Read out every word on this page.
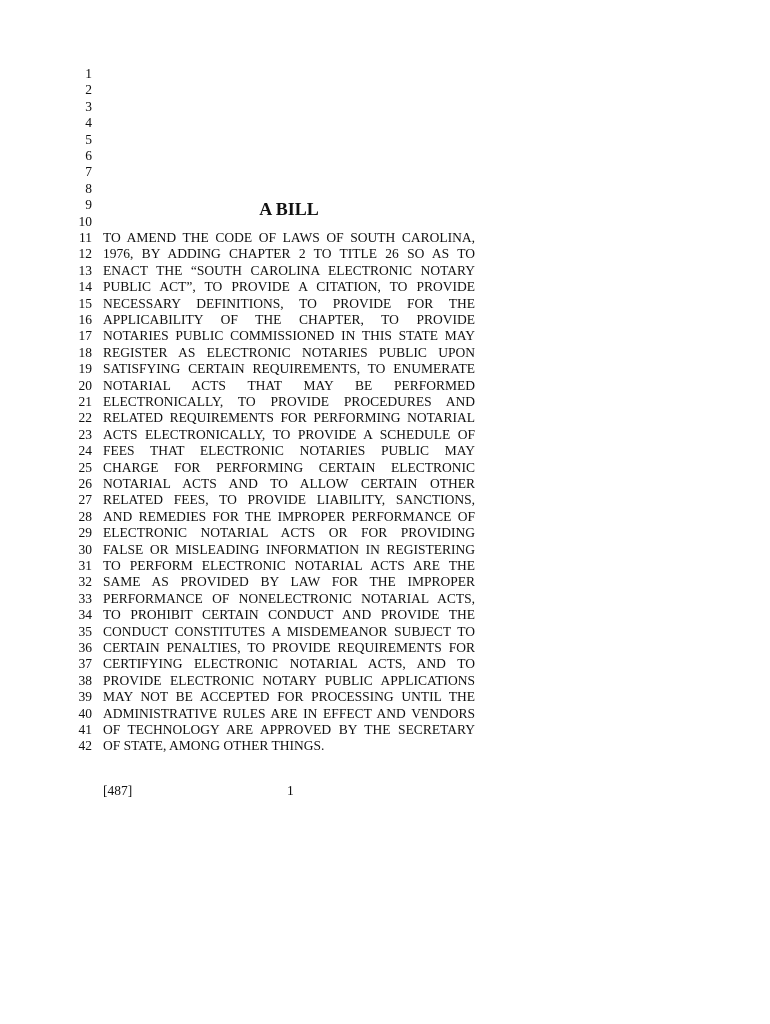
A BILL
[487]	1
1
2
3
4
5
6
7
8
9
10
11 TO AMEND THE CODE OF LAWS OF SOUTH CAROLINA,
12 1976, BY ADDING CHAPTER 2 TO TITLE 26 SO AS TO
13 ENACT THE “SOUTH CAROLINA ELECTRONIC NOTARY
14 PUBLIC ACT”, TO PROVIDE A CITATION, TO PROVIDE
15 NECESSARY DEFINITIONS, TO PROVIDE FOR THE
16 APPLICABILITY OF THE CHAPTER, TO PROVIDE
17 NOTARIES PUBLIC COMMISSIONED IN THIS STATE MAY
18 REGISTER AS ELECTRONIC NOTARIES PUBLIC UPON
19 SATISFYING CERTAIN REQUIREMENTS, TO ENUMERATE
20 NOTARIAL ACTS THAT MAY BE PERFORMED
21 ELECTRONICALLY, TO PROVIDE PROCEDURES AND
22 RELATED REQUIREMENTS FOR PERFORMING NOTARIAL
23 ACTS ELECTRONICALLY, TO PROVIDE A SCHEDULE OF
24 FEES THAT ELECTRONIC NOTARIES PUBLIC MAY
25 CHARGE FOR PERFORMING CERTAIN ELECTRONIC
26 NOTARIAL ACTS AND TO ALLOW CERTAIN OTHER
27 RELATED FEES, TO PROVIDE LIABILITY, SANCTIONS,
28 AND REMEDIES FOR THE IMPROPER PERFORMANCE OF
29 ELECTRONIC NOTARIAL ACTS OR FOR PROVIDING
30 FALSE OR MISLEADING INFORMATION IN REGISTERING
31 TO PERFORM ELECTRONIC NOTARIAL ACTS ARE THE
32 SAME AS PROVIDED BY LAW FOR THE IMPROPER
33 PERFORMANCE OF NONELECTRONIC NOTARIAL ACTS,
34 TO PROHIBIT CERTAIN CONDUCT AND PROVIDE THE
35 CONDUCT CONSTITUTES A MISDEMEANOR SUBJECT TO
36 CERTAIN PENALTIES, TO PROVIDE REQUIREMENTS FOR
37 CERTIFYING ELECTRONIC NOTARIAL ACTS, AND TO
38 PROVIDE ELECTRONIC NOTARY PUBLIC APPLICATIONS
39 MAY NOT BE ACCEPTED FOR PROCESSING UNTIL THE
40 ADMINISTRATIVE RULES ARE IN EFFECT AND VENDORS
41 OF TECHNOLOGY ARE APPROVED BY THE SECRETARY
42 OF STATE, AMONG OTHER THINGS.
